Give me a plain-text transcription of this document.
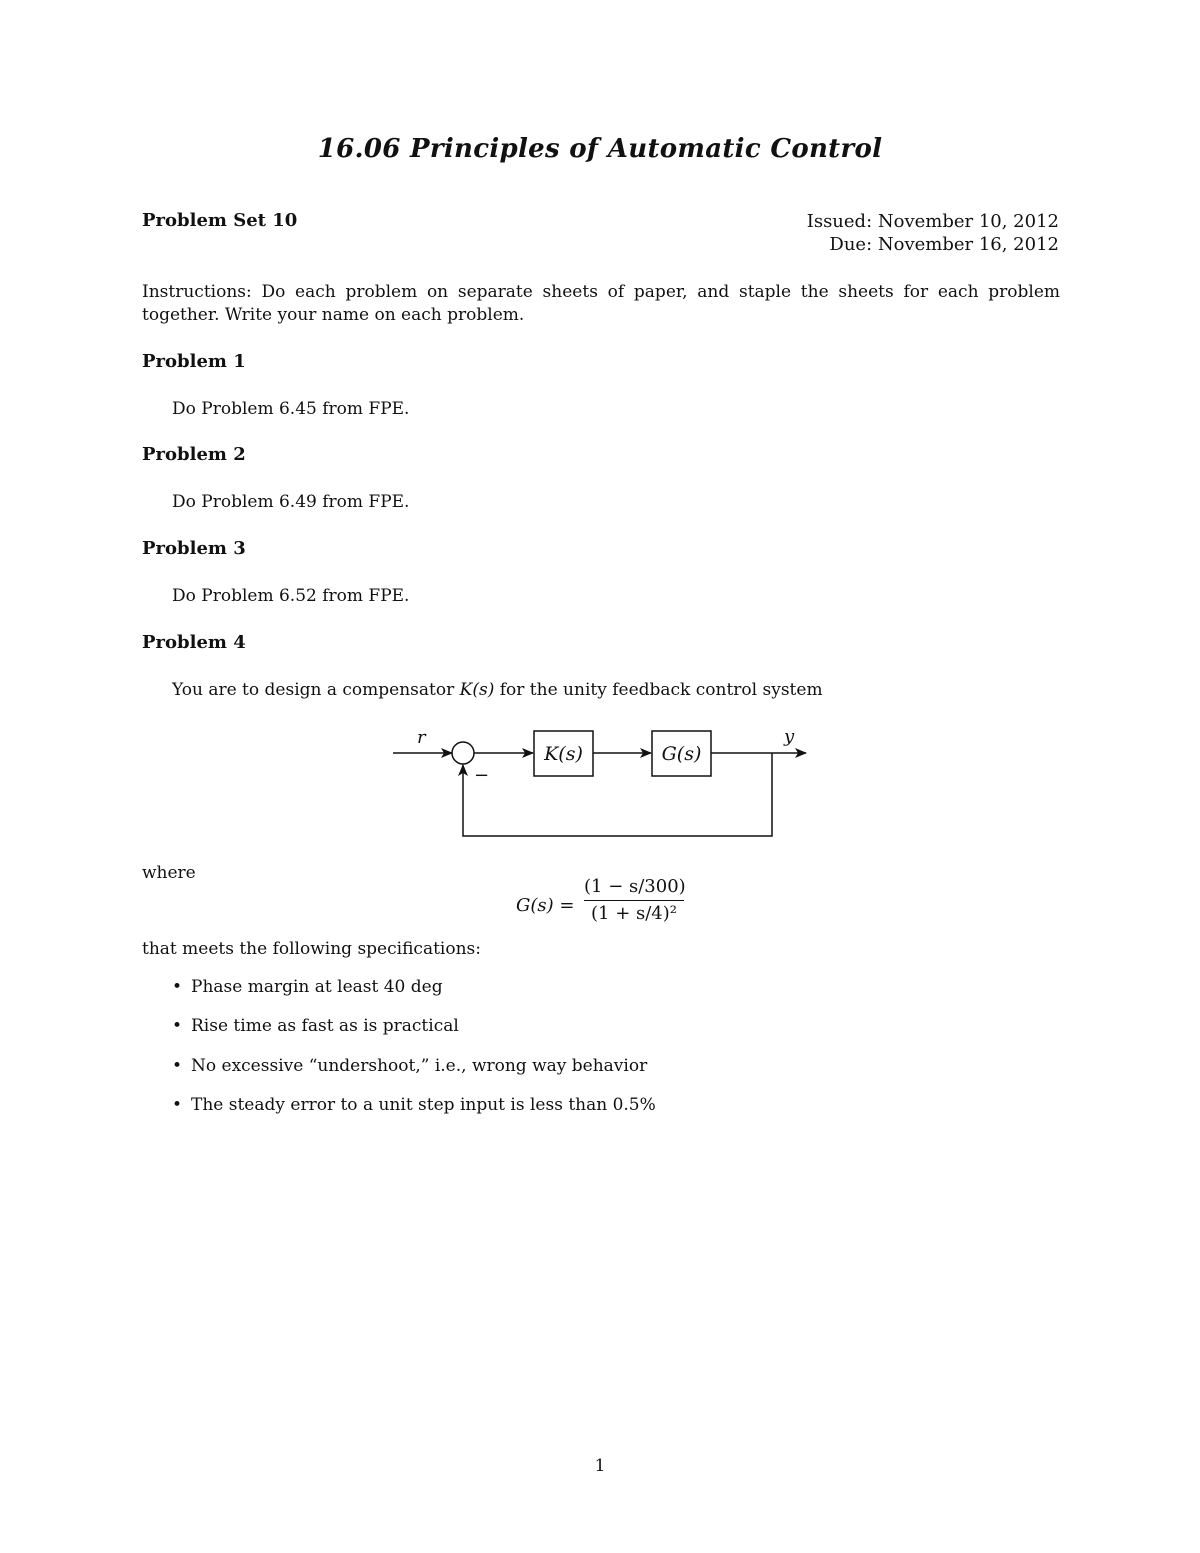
16.06 Principles of Automatic Control
Problem Set 10	Issued: November 10, 2012
Due: November 16, 2012
Instructions: Do each problem on separate sheets of paper, and staple the sheets for each problem together. Write your name on each problem.
Problem 1
Do Problem 6.45 from FPE.
Problem 2
Do Problem 6.49 from FPE.
Problem 3
Do Problem 6.52 from FPE.
Problem 4
You are to design a compensator K(s) for the unity feedback control system
r
−
K(s)	G(s)
y
where
G(s) =
(1 − s/300)
(1 + s/4)²
that meets the following specifications:
• Phase margin at least 40 deg
• Rise time as fast as is practical
• No excessive “undershoot,” i.e., wrong way behavior
• The steady error to a unit step input is less than 0.5%
1
